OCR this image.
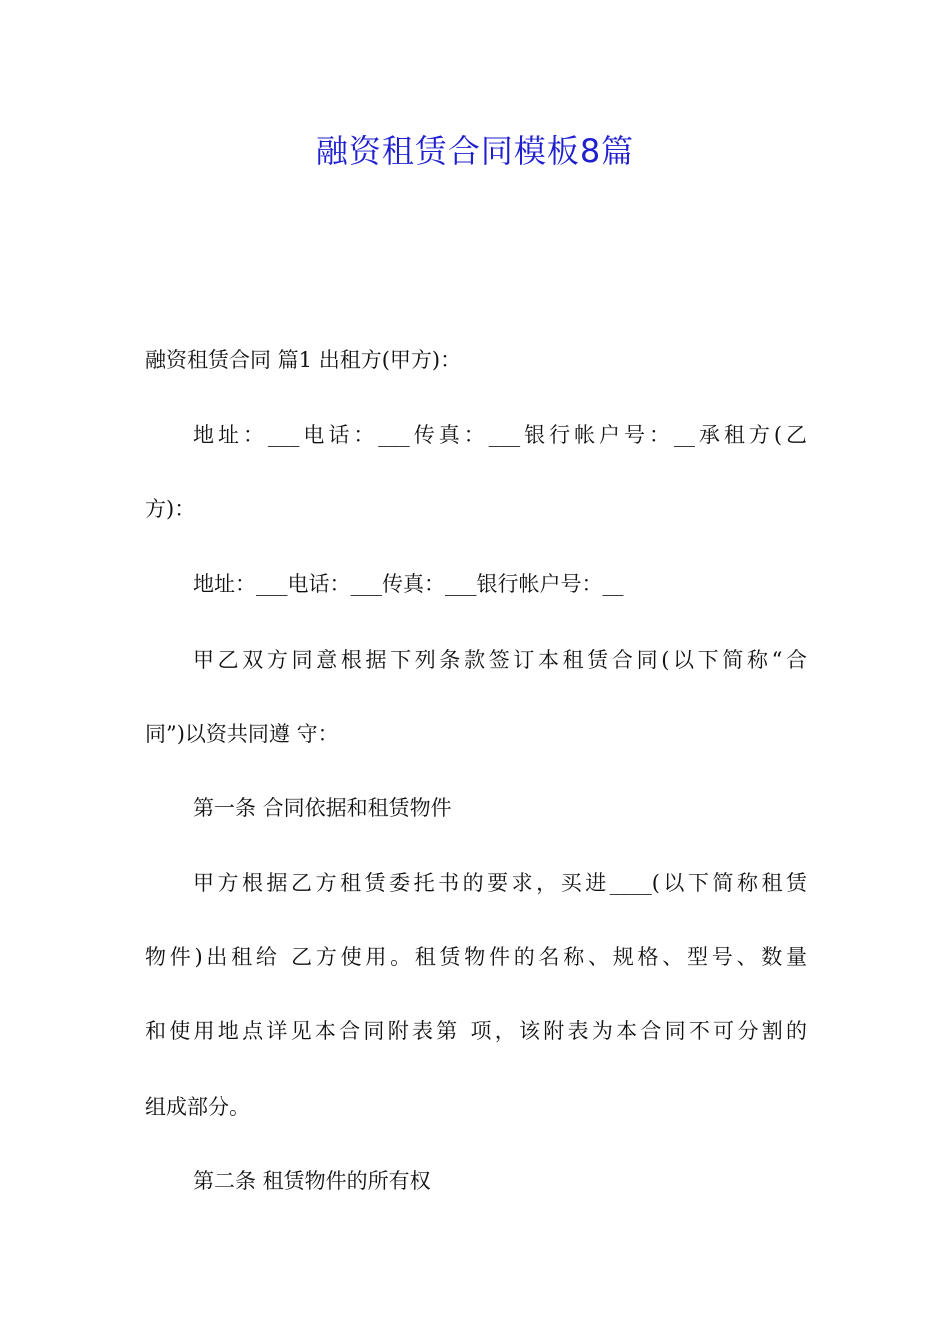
融资租赁合同模板8篇
融资租赁合同 篇1 出租方(甲方)：
地址：___电话：___传真：___银行帐户号：__承租方(乙
方)：
地址：___电话：___传真：___银行帐户号：__
甲乙双方同意根据下列条款签订本租赁合同(以下简称“合
同”)以资共同遵 守：
第一条 合同依据和租赁物件
甲方根据乙方租赁委托书的要求，买进____(以下简称租赁
物件)出租给 乙方使用。租赁物件的名称、规格、型号、数量
和使用地点详见本合同附表第 项，该附表为本合同不可分割的
组成部分。
第二条 租赁物件的所有权
